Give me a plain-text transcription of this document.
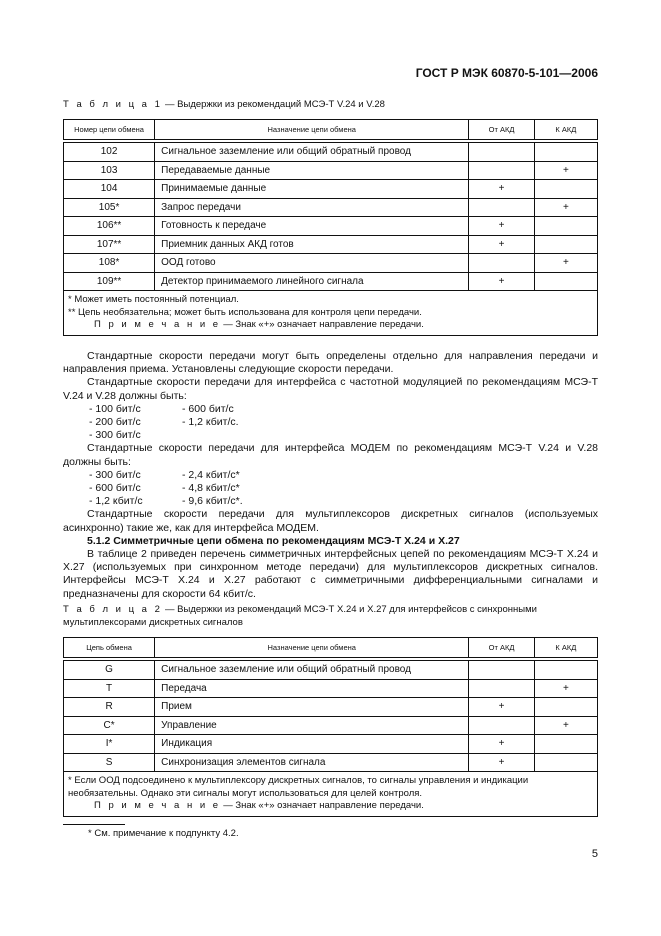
ГОСТ Р МЭК 60870-5-101—2006
Т а б л и ц а 1 — Выдержки из рекомендаций МСЭ-Т V.24 и V.28
Номер цепи обмена	Назначение цепи обмена	От АКД	К АКД

102	Сигнальное заземление или общий обратный провод		
103	Передаваемые данные		+
104	Принимаемые данные	+	
105*	Запрос передачи		+
106**	Готовность к передаче	+	
107**	Приемник данных АКД готов	+	
108*	ООД готово		+
109**	Детектор принимаемого линейного сигнала	+	

* Может иметь постоянный потенциал.
** Цепь необязательна; может быть использована для контроля цепи передачи.
П р и м е ч а н и е — Знак «+» означает направление передачи.			

Стандартные скорости передачи могут быть определены отдельно для направления передачи и направления приема. Установлены следующие скорости передачи.

Стандартные скорости передачи для интерфейса с частотной модуляцией по рекомендациям МСЭ-Т V.24 и V.28 должны быть:

- 100 бит/с	- 600 бит/с
- 200 бит/с	- 1,2 кбит/с.
- 300 бит/с

Стандартные скорости передачи для интерфейса МОДЕМ по рекомендациям МСЭ-Т V.24 и V.28 должны быть:

- 300 бит/с	- 2,4 кбит/с*
- 600 бит/с	- 4,8 кбит/с*
- 1,2 кбит/с	- 9,6 кбит/с*.

Стандартные скорости передачи для мультиплексоров дискретных сигналов (используемых асинхронно) такие же, как для интерфейса МОДЕМ.

5.1.2 Симметричные цепи обмена по рекомендациям МСЭ-Т X.24 и X.27

В таблице 2 приведен перечень симметричных интерфейсных цепей по рекомендациям МСЭ-Т X.24 и X.27 (используемых при синхронном методе передачи) для мультиплексоров дискретных сигналов. Интерфейсы МСЭ-Т X.24 и X.27 работают с симметричными дифференциальными сигналами и предназначены для скорости 64 кбит/с.

Т а б л и ц а 2 — Выдержки из рекомендаций МСЭ-Т X.24 и X.27 для интерфейсов с синхронными мультиплексорами дискретных сигналов
Цепь обмена	Назначение цепи обмена	От АКД	К АКД

G	Сигнальное заземление или общий обратный провод		
T	Передача		+
R	Прием	+	
C*	Управление		+
I*	Индикация	+	
S	Синхронизация элементов сигнала	+	

* Если ООД подсоединено к мультиплексору дискретных сигналов, то сигналы управления и индикации необязательны. Однако эти сигналы могут использоваться для целей контроля.
П р и м е ч а н и е — Знак «+» означает направление передачи.			
* См. примечание к подпункту 4.2.
5
